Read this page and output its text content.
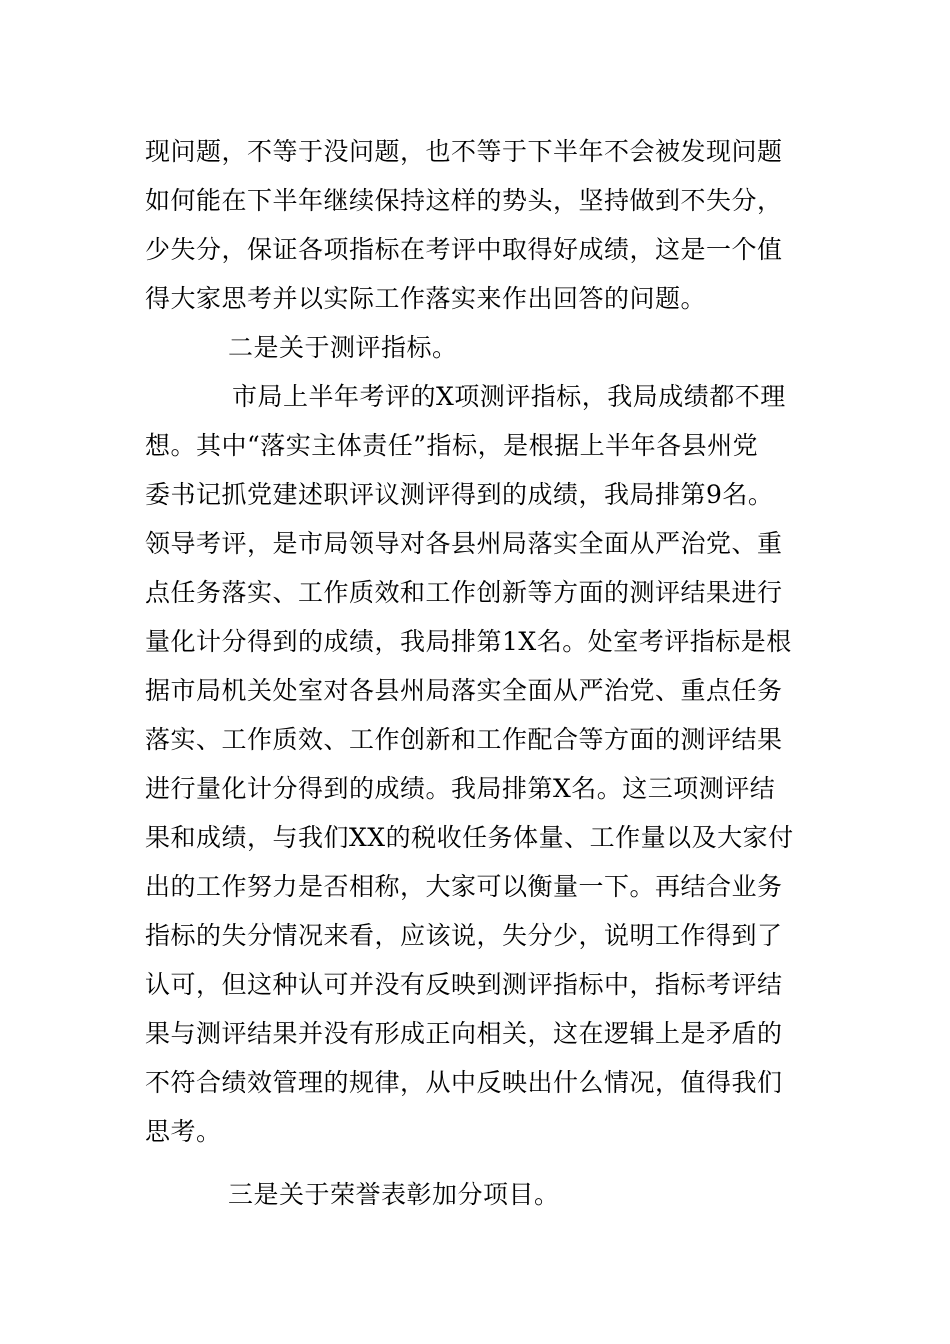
现问题，不等于没问题，也不等于下半年不会被发现问题
如何能在下半年继续保持这样的势头，坚持做到不失分，
少失分，保证各项指标在考评中取得好成绩，这是一个值
得大家思考并以实际工作落实来作出回答的问题。
二是关于测评指标。
市局上半年考评的X项测评指标，我局成绩都不理
想。其中“落实主体责任”指标，是根据上半年各县州党
委书记抓党建述职评议测评得到的成绩，我局排第9名。
领导考评，是市局领导对各县州局落实全面从严治党、重
点任务落实、工作质效和工作创新等方面的测评结果进行
量化计分得到的成绩，我局排第1X名。处室考评指标是根
据市局机关处室对各县州局落实全面从严治党、重点任务
落实、工作质效、工作创新和工作配合等方面的测评结果
进行量化计分得到的成绩。我局排第X名。这三项测评结
果和成绩，与我们XX的税收任务体量、工作量以及大家付
出的工作努力是否相称，大家可以衡量一下。再结合业务
指标的失分情况来看，应该说，失分少，说明工作得到了
认可，但这种认可并没有反映到测评指标中，指标考评结
果与测评结果并没有形成正向相关，这在逻辑上是矛盾的
不符合绩效管理的规律，从中反映出什么情况，值得我们
思考。
三是关于荣誉表彰加分项目。
